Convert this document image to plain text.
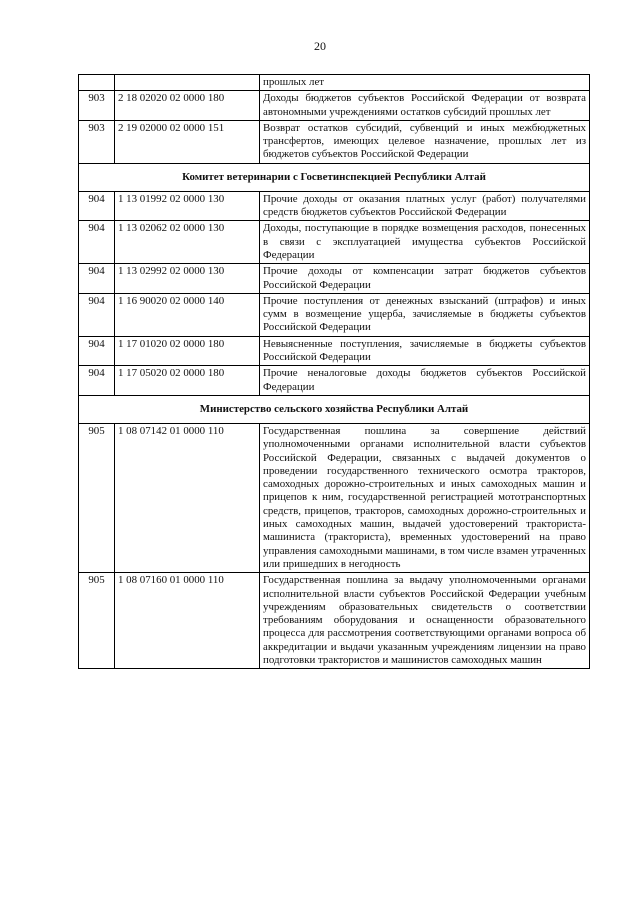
20
		прошлых лет
903	2 18 02020 02 0000 180	Доходы бюджетов субъектов Российской Федерации от возврата автономными учреждениями остатков субсидий прошлых лет
903	2 19 02000 02 0000 151	Возврат остатков субсидий, субвенций и иных межбюджетных трансфертов, имеющих целевое назначение, прошлых лет из бюджетов субъектов Российской Федерации
Комитет ветеринарии с Госветинспекцией Республики Алтай		
904	1 13 01992 02 0000 130	Прочие доходы от оказания платных услуг (работ) получателями средств бюджетов субъектов Российской Федерации
904	1 13 02062 02 0000 130	Доходы, поступающие в порядке возмещения расходов, понесенных в связи с эксплуатацией имущества субъектов Российской Федерации
904	1 13 02992 02 0000 130	Прочие доходы от компенсации затрат бюджетов субъектов Российской Федерации
904	1 16 90020 02 0000 140	Прочие поступления от денежных взысканий (штрафов) и иных сумм в возмещение ущерба, зачисляемые в бюджеты субъектов Российской Федерации
904	1 17 01020 02 0000 180	Невыясненные поступления, зачисляемые в бюджеты субъектов Российской Федерации
904	1 17 05020 02 0000 180	Прочие неналоговые доходы бюджетов субъектов Российской Федерации
Министерство сельского хозяйства Республики Алтай		
905	1 08 07142 01 0000 110	Государственная пошлина за совершение действий уполномоченными органами исполнительной власти субъектов Российской Федерации, связанных с выдачей документов о проведении государственного технического осмотра тракторов, самоходных дорожно-строительных и иных самоходных машин и прицепов к ним, государственной регистрацией мототранспортных средств, прицепов, тракторов, самоходных дорожно-строительных и иных самоходных машин, выдачей удостоверений тракториста-машиниста (тракториста), временных удостоверений на право управления самоходными машинами, в том числе взамен утраченных или пришедших в негодность
905	1 08 07160 01 0000 110	Государственная пошлина за выдачу уполномоченными органами исполнительной власти субъектов Российской Федерации учебным учреждениям образовательных свидетельств о соответствии требованиям оборудования и оснащенности образовательного процесса для рассмотрения соответствующими органами вопроса об аккредитации и выдачи указанным учреждениям лицензии на право подготовки трактористов и машинистов самоходных машин
